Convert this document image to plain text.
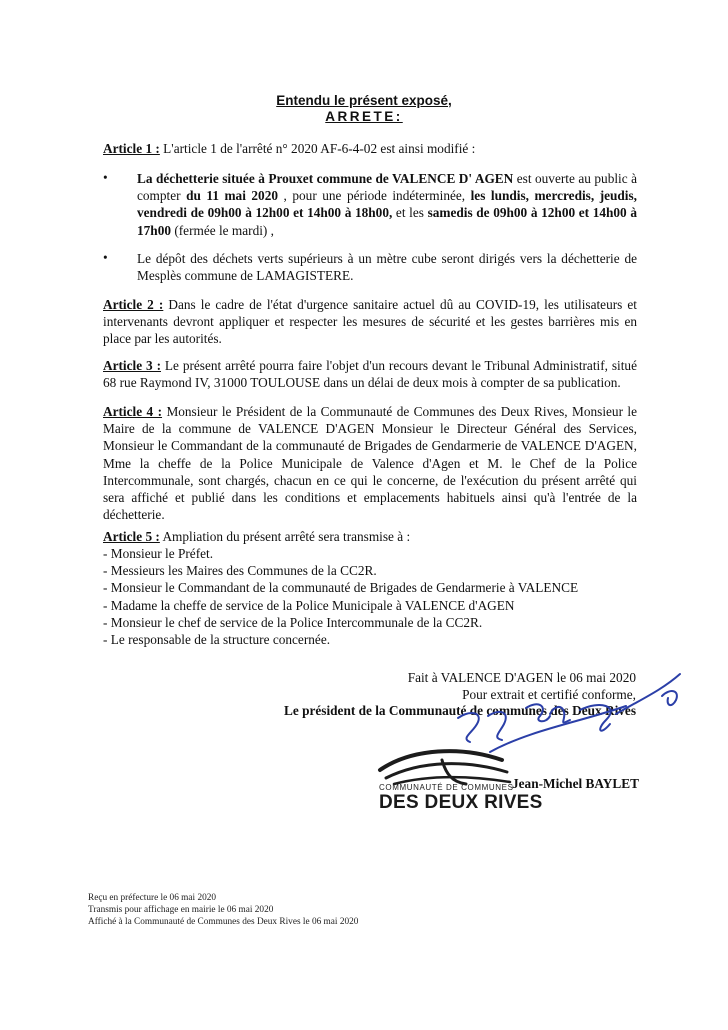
Entendu le présent exposé,
ARRETE:
Article 1 : L'article 1 de l'arrêté n° 2020 AF-6-4-02 est ainsi modifié :
• La déchetterie située à Prouxet commune de VALENCE D' AGEN est ouverte au public à compter du 11 mai 2020 , pour une période indéterminée, les lundis, mercredis, jeudis, vendredi de 09h00 à 12h00 et 14h00 à 18h00, et les samedis de 09h00 à 12h00 et 14h00 à 17h00 (fermée le mardi) ,
• Le dépôt des déchets verts supérieurs à un mètre cube seront dirigés vers la déchetterie de Mesplès commune de LAMAGISTERE.
Article 2 : Dans le cadre de l'état d'urgence sanitaire actuel dû au COVID-19, les utilisateurs et intervenants devront appliquer et respecter les mesures de sécurité et les gestes barrières mis en place par les autorités.
Article 3 : Le présent arrêté pourra faire l'objet d'un recours devant le Tribunal Administratif, situé 68 rue Raymond IV, 31000 TOULOUSE dans un délai de deux mois à compter de sa publication.
Article 4 : Monsieur le Président de la Communauté de Communes des Deux Rives, Monsieur le Maire de la commune de VALENCE D'AGEN Monsieur le Directeur Général des Services, Monsieur le Commandant de la communauté de Brigades de Gendarmerie de VALENCE D'AGEN, Mme la cheffe de la Police Municipale de Valence d'Agen et M. le Chef de la Police Intercommunale, sont chargés, chacun en ce qui le concerne, de l'exécution du présent arrêté qui sera affiché et publié dans les conditions et emplacements habituels ainsi qu'à l'entrée de la déchetterie.
Article 5 : Ampliation du présent arrêté sera transmise à :
- Monsieur le Préfet.
- Messieurs les Maires des Communes de la CC2R.
- Monsieur le Commandant de la communauté de Brigades de Gendarmerie à VALENCE
- Madame la cheffe de service de la Police Municipale à VALENCE d'AGEN
- Monsieur le chef de service de la Police Intercommunale de la CC2R.
- Le responsable de la structure concernée.
Fait à VALENCE D'AGEN le 06 mai 2020
Pour extrait et certifié conforme,
Le président de la Communauté de communes des Deux Rives
COMMUNAUTÉ DE COMMUNES
DES DEUX RIVES
Jean-Michel BAYLET
Reçu en préfecture le 06 mai 2020
Transmis pour affichage en mairie le 06 mai 2020
Affiché à la Communauté de Communes des Deux Rives le 06 mai 2020
